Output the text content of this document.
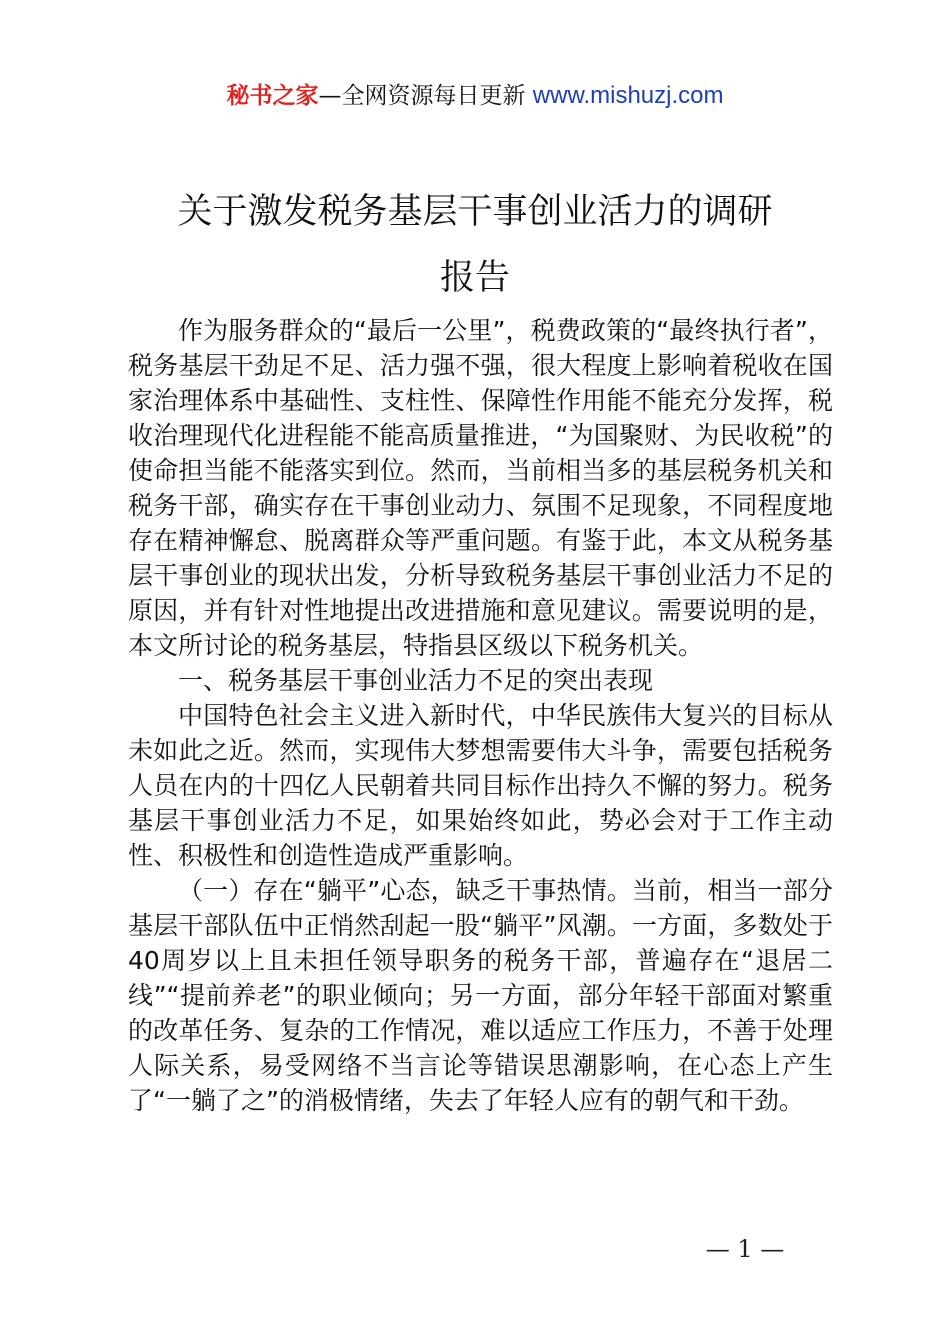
秘书之家—全网资源每日更新 www.mishuzj.com
关于激发税务基层干事创业活力的调研
报告

作为服务群众的“最后一公里”，税费政策的“最终执行者”，税务基层干劲足不足、活力强不强，很大程度上影响着税收在国家治理体系中基础性、支柱性、保障性作用能不能充分发挥，税收治理现代化进程能不能高质量推进，“为国聚财、为民收税”的使命担当能不能落实到位。然而，当前相当多的基层税务机关和税务干部，确实存在干事创业动力、氛围不足现象，不同程度地存在精神懈怠、脱离群众等严重问题。有鉴于此，本文从税务基层干事创业的现状出发，分析导致税务基层干事创业活力不足的原因，并有针对性地提出改进措施和意见建议。需要说明的是，本文所讨论的税务基层，特指县区级以下税务机关。

一、税务基层干事创业活力不足的突出表现

中国特色社会主义进入新时代，中华民族伟大复兴的目标从未如此之近。然而，实现伟大梦想需要伟大斗争，需要包括税务人员在内的十四亿人民朝着共同目标作出持久不懈的努力。税务基层干事创业活力不足，如果始终如此，势必会对于工作主动性、积极性和创造性造成严重影响。

（一）存在“躺平”心态，缺乏干事热情。当前，相当一部分基层干部队伍中正悄然刮起一股“躺平”风潮。一方面，多数处于40周岁以上且未担任领导职务的税务干部，普遍存在“退居二线”“提前养老”的职业倾向；另一方面，部分年轻干部面对繁重的改革任务、复杂的工作情况，难以适应工作压力，不善于处理人际关系，易受网络不当言论等错误思潮影响，在心态上产生了“一躺了之”的消极情绪，失去了年轻人应有的朝气和干劲。

— 1 —
